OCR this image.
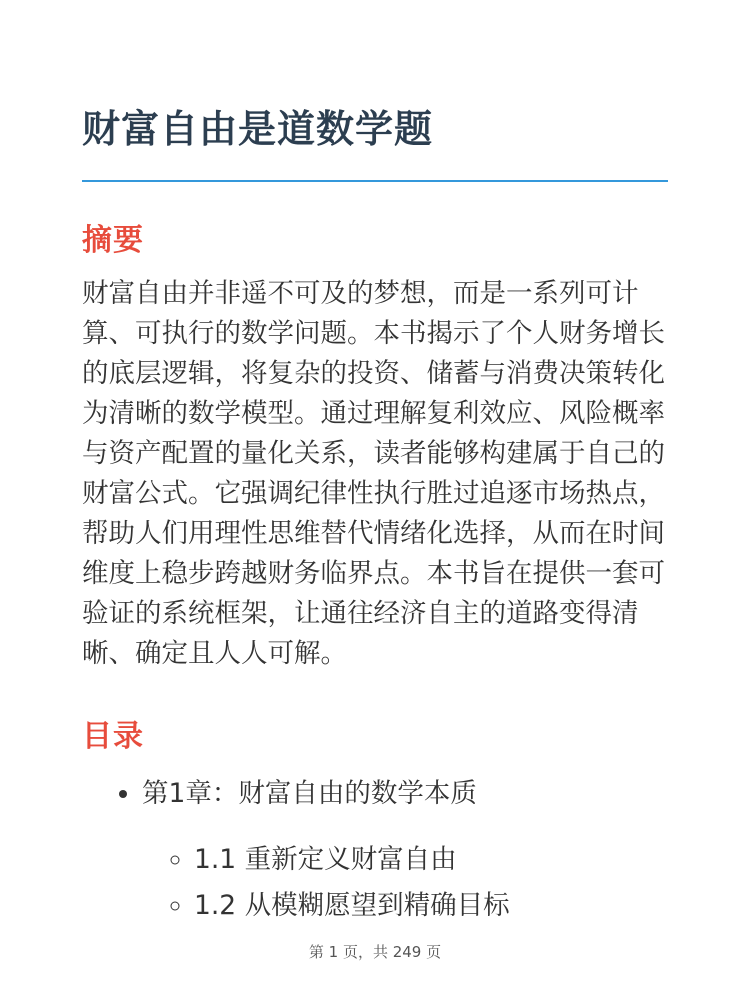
财富自由是道数学题
摘要

财富自由并非遥不可及的梦想，而是一系列可计算、可执行的数学问题。本书揭示了个人财务增长的底层逻辑，将复杂的投资、储蓄与消费决策转化为清晰的数学模型。通过理解复利效应、风险概率与资产配置的量化关系，读者能够构建属于自己的财富公式。它强调纪律性执行胜过追逐市场热点，帮助人们用理性思维替代情绪化选择，从而在时间维度上稳步跨越财务临界点。本书旨在提供一套可验证的系统框架，让通往经济自主的道路变得清晰、确定且人人可解。

目录
• 第1章：财富自由的数学本质
◦ 1.1 重新定义财富自由
◦ 1.2 从模糊愿望到精确目标
第 1 页，共 249 页
